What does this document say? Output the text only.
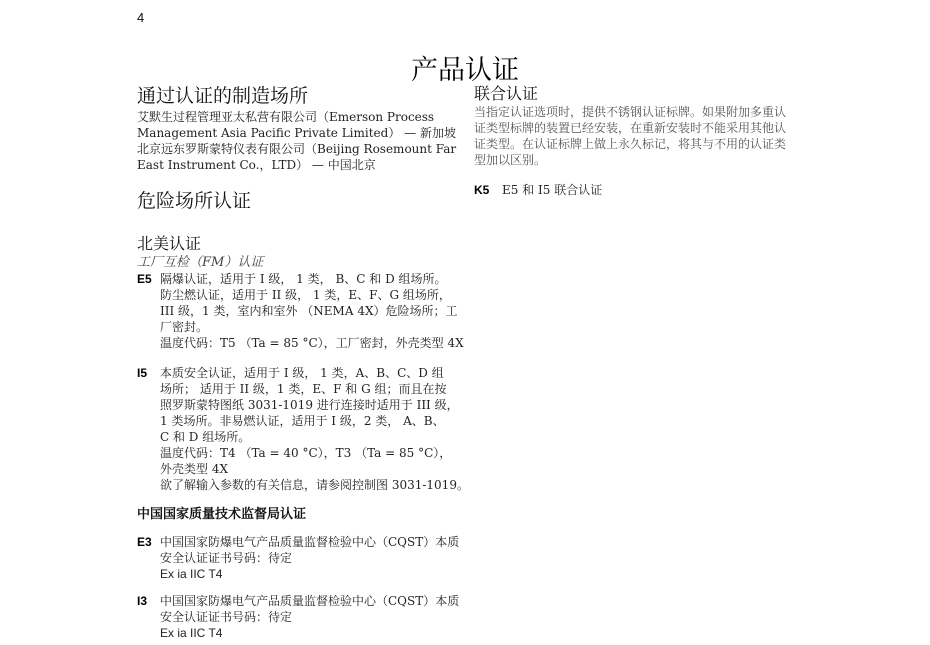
4
产品认证
通过认证的制造场所
艾默生过程管理亚太私营有限公司（Emerson Process
Management Asia Pacific Private Limited） — 新加坡
北京远东罗斯蒙特仪表有限公司（Beijing Rosemount Far
East Instrument Co.，LTD） — 中国北京
危险场所认证
北美认证
工厂互检（FM）认证
E5 隔爆认证，适用于 I 级， 1 类， B、C 和 D 组场所。
防尘燃认证，适用于 II 级， 1 类，E、F、G 组场所，
III 级，1 类，室内和室外 （NEMA 4X）危险场所；工
厂密封。
温度代码：T5 （Ta = 85 °C），工厂密封，外壳类型 4X
I5	本质安全认证，适用于 I 级， 1 类，A、B、C、D 组
场所； 适用于 II 级，1 类，E、F 和 G 组；而且在按
照罗斯蒙特图纸 3031-1019 进行连接时适用于 III 级，
1 类场所。非易燃认证，适用于 I 级，2 类， A、B、
C 和 D 组场所。
温度代码：T4 （Ta = 40 °C），T3 （Ta = 85 °C），
外壳类型 4X
欲了解输入参数的有关信息，请参阅控制图 3031-1019。
中国国家质量技术监督局认证
E3 中国国家防爆电气产品质量监督检验中心（CQST）本质
安全认证证书号码：待定
Ex ia IIC T4
I3	中国国家防爆电气产品质量监督检验中心（CQST）本质
安全认证证书号码：待定
Ex ia IIC T4
联合认证
当指定认证选项时，提供不锈钢认证标牌。如果附加多重认
证类型标牌的装置已经安装，在重新安装时不能采用其他认
证类型。在认证标牌上做上永久标记，将其与不用的认证类
型加以区别。
K5	E5 和 I5 联合认证
